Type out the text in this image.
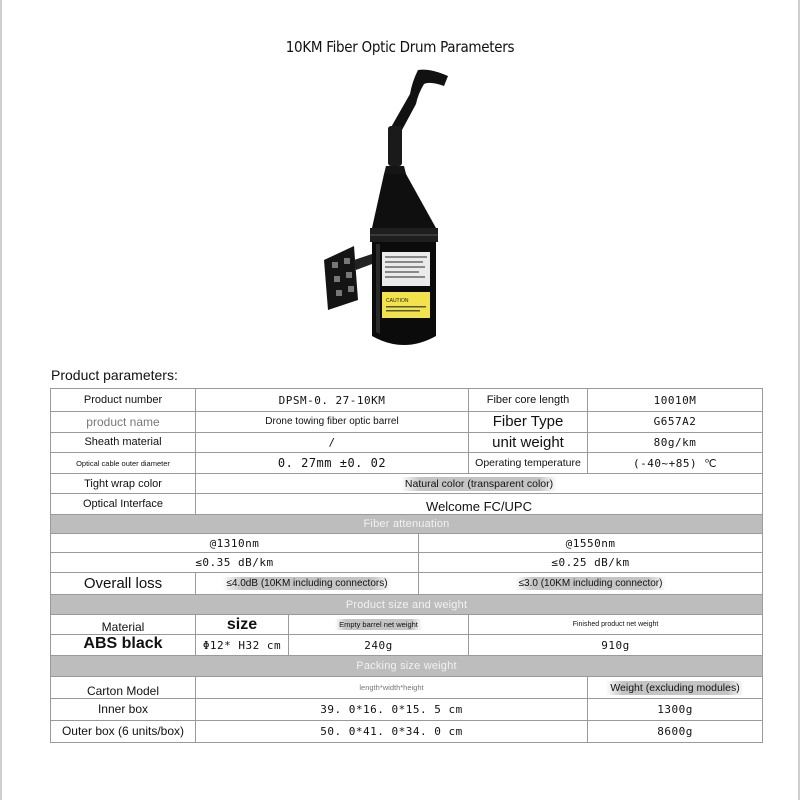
10KM Fiber Optic Drum Parameters
CAUTION
Product parameters:
Product number	DPSM-0. 27-10KM			Fiber core length	10010M
product name	Drone towing fiber optic barrel			Fiber Type	G657A2
Sheath material	/			unit weight	80g/km
Optical cable outer diameter	0. 27mm ±0. 02			Operating temperature	(-40~+85) ℃
Tight wrap color	Natural color (transparent color)				
Optical Interface	Welcome FC/UPC				
Fiber attenuation					
@1310nm			@1550nm		
≤0.35 dB/km			≤0.25 dB/km		
Overall loss	≤4.0dB (10KM including connectors)		≤3.0 (10KM including connector)		
Product size and weight					
Material	size	Empty barrel net weight		Finished product net weight	
ABS black	Φ12* H32 cm	240g		910g	
Packing size weight					
Carton Model	length*width*height				Weight (excluding modules)
Inner box	39. 0*16. 0*15. 5 cm				1300g
Outer box (6 units/box)	50. 0*41. 0*34. 0 cm				8600g
